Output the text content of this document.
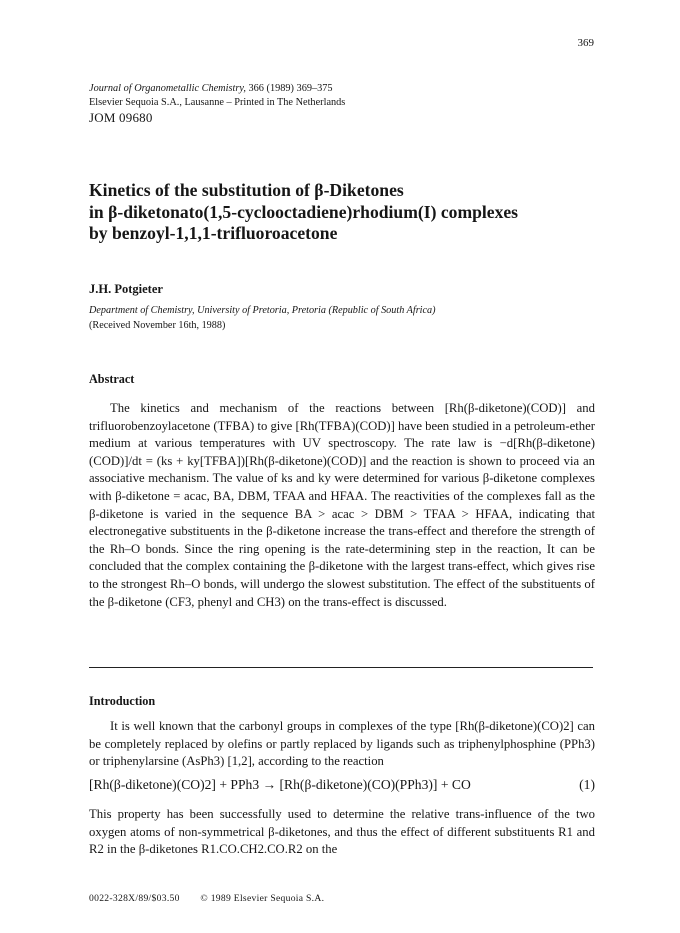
369
Journal of Organometallic Chemistry, 366 (1989) 369–375
Elsevier Sequoia S.A., Lausanne – Printed in The Netherlands
JOM 09680
Kinetics of the substitution of β-Diketones
in β-diketonato(1,5-cyclooctadiene)rhodium(I) complexes
by benzoyl-1,1,1-trifluoroacetone
J.H. Potgieter
Department of Chemistry, University of Pretoria, Pretoria (Republic of South Africa)
(Received November 16th, 1988)
Abstract

The kinetics and mechanism of the reactions between [Rh(β-diketone)(COD)] and trifluorobenzoylacetone (TFBA) to give [Rh(TFBA)(COD)] have been studied in a petroleum-ether medium at various temperatures with UV spectroscopy. The rate law is −d[Rh(β-diketone)(COD)]/dt = (ks + ky[TFBA])[Rh(β-diketone)(COD)] and the reaction is shown to proceed via an associative mechanism. The value of ks and ky were determined for various β-diketone complexes with β-diketone = acac, BA, DBM, TFAA and HFAA. The reactivities of the complexes fall as the β-diketone is varied in the sequence BA > acac > DBM > TFAA > HFAA, indicating that electronegative substituents in the β-diketone increase the trans-effect and therefore the strength of the Rh–O bonds. Since the ring opening is the rate-determining step in the reaction, It can be concluded that the complex containing the β-diketone with the largest trans-effect, which gives rise to the strongest Rh–O bonds, will undergo the slowest substitution. The effect of the substituents of the β-diketone (CF3, phenyl and CH3) on the trans-effect is discussed.

Introduction

It is well known that the carbonyl groups in complexes of the type [Rh(β-diketone)(CO)2] can be completely replaced by olefins or partly replaced by ligands such as triphenylphosphine (PPh3) or triphenylarsine (AsPh3) [1,2], according to the reaction

[Rh(β-diketone)(CO)2] + PPh3 → [Rh(β-diketone)(CO)(PPh3)] + CO	(1)

This property has been successfully used to determine the relative trans-influence of the two oxygen atoms of non-symmetrical β-diketones, and thus the effect of different substituents R1 and R2 in the β-diketones R1.CO.CH2.CO.R2 on the

0022-328X/89/$03.50 © 1989 Elsevier Sequoia S.A.
